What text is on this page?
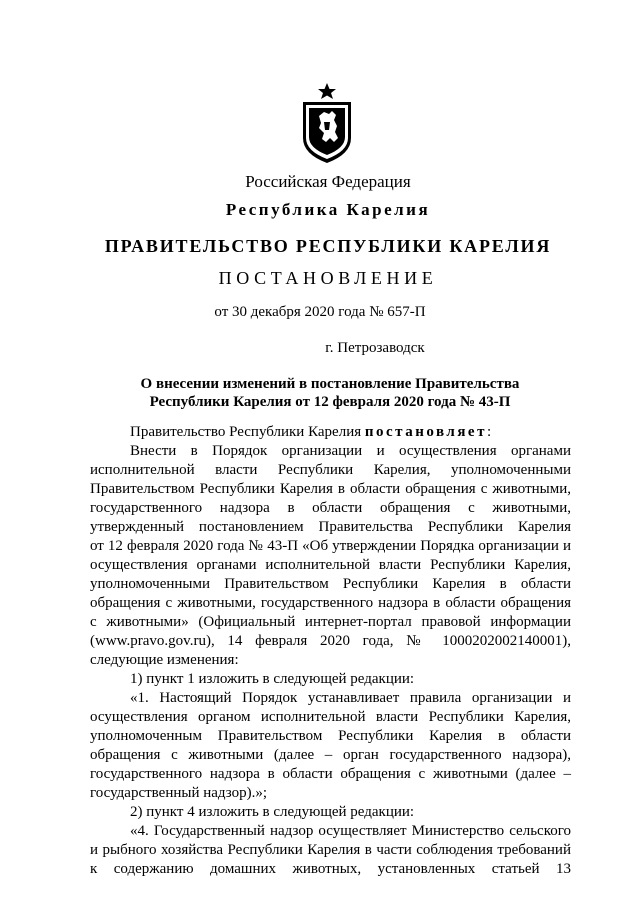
Российская Федерация
Республика Карелия
ПРАВИТЕЛЬСТВО РЕСПУБЛИКИ КАРЕЛИЯ
ПОСТАНОВЛЕНИЕ
от 30 декабря 2020 года № 657-П
г. Петрозаводск
О внесении изменений в постановление Правительства
Республики Карелия от 12 февраля 2020 года № 43-П
Правительство Республики Карелия постановляет:
Внести в Порядок организации и осуществления органами
исполнительной власти Республики Карелия, уполномоченными
Правительством Республики Карелия в области обращения с животными,
государственного надзора в области обращения с животными,
утвержденный постановлением Правительства Республики Карелия
от 12 февраля 2020 года № 43-П «Об утверждении Порядка организации и
осуществления органами исполнительной власти Республики Карелия,
уполномоченными Правительством Республики Карелия в области
обращения с животными, государственного надзора в области обращения
с животными» (Официальный интернет-портал правовой информации
(www.pravo.gov.ru), 14 февраля 2020 года, № 1000202002140001),
следующие изменения:
1) пункт 1 изложить в следующей редакции:
«1. Настоящий Порядок устанавливает правила организации и
осуществления органом исполнительной власти Республики Карелия,
уполномоченным Правительством Республики Карелия в области
обращения с животными (далее – орган государственного надзора),
государственного надзора в области обращения с животными (далее –
государственный надзор).»;
2) пункт 4 изложить в следующей редакции:
«4. Государственный надзор осуществляет Министерство сельского
и рыбного хозяйства Республики Карелия в части соблюдения требований
к содержанию домашних животных, установленных статьей 13
